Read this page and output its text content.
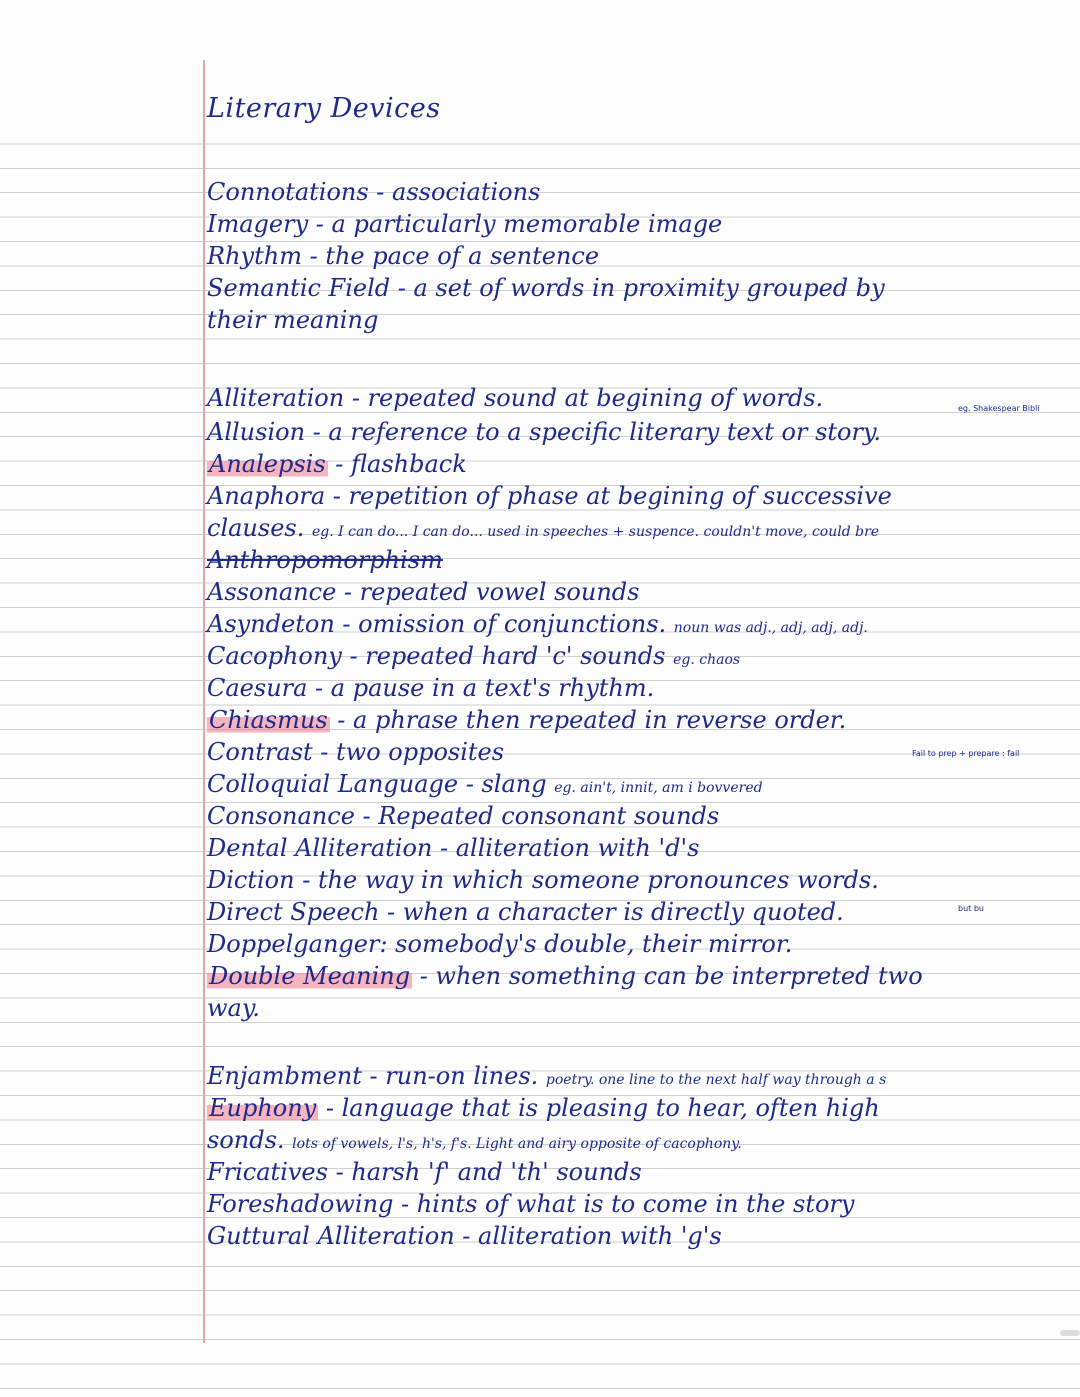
Literary Devices
Connotations - associations
Imagery - a particularly memorable image
Rhythm - the pace of a sentence
Semantic Field - a set of words in proximity grouped by
their meaning
Alliteration - repeated sound at begining of words.
Allusion - a reference to a specific literary text or story.
Analepsis - flashback
Anaphora - repetition of phase at begining of successive
clauses. eg. I can do... I can do... used in speeches + suspence. couldn't move, could bre
Anthropomorphism
Assonance - repeated vowel sounds
Asyndeton - omission of conjunctions. noun was adj., adj, adj, adj.
Cacophony - repeated hard 'c' sounds eg. chaos
Caesura - a pause in a text's rhythm.
Chiasmus - a phrase then repeated in reverse order.
Contrast - two opposites
Colloquial Language - slang eg. ain't, innit, am i bovvered
Consonance - Repeated consonant sounds
Dental Alliteration - alliteration with 'd's
Diction - the way in which someone pronounces words.
Direct Speech - when a character is directly quoted.
Doppelganger: somebody's double, their mirror.
Double Meaning - when something can be interpreted two
way.
Enjambment - run-on lines. poetry. one line to the next half way through a s
Euphony - language that is pleasing to hear, often high
sonds. lots of vowels, l's, h's, f's. Light and airy opposite of cacophony.
Fricatives - harsh 'f' and 'th' sounds
Foreshadowing - hints of what is to come in the story
Guttural Alliteration - alliteration with 'g's
eg. Shakespear Bibli
Fail to prep + prepare : fail
but bu
